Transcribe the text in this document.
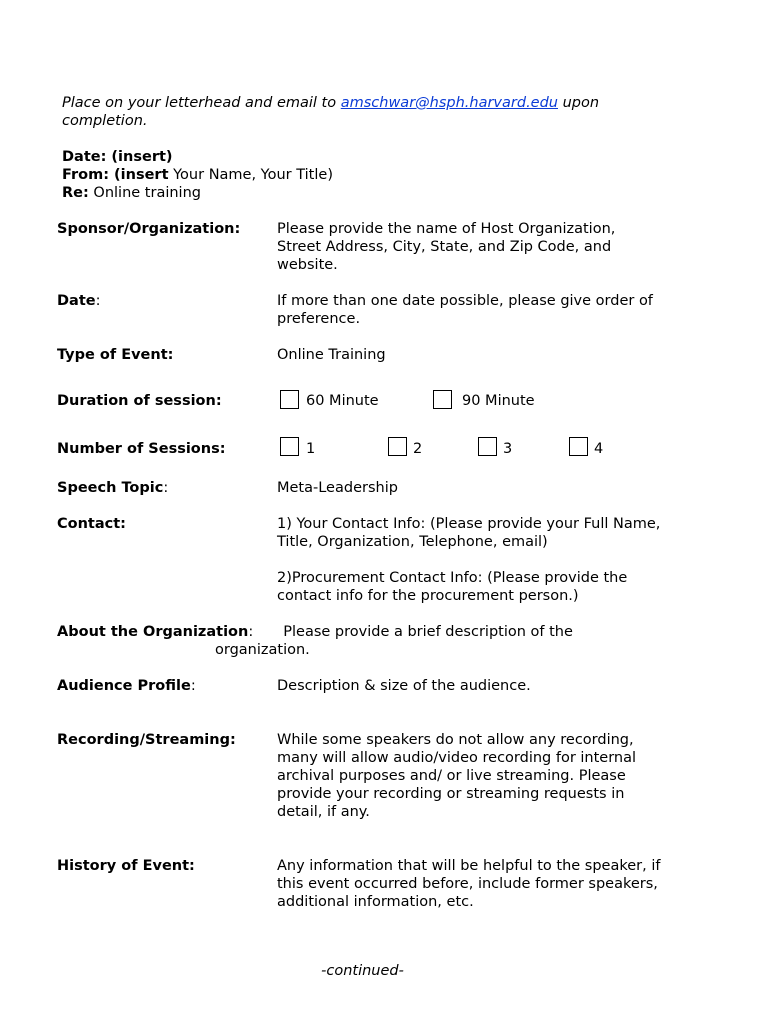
Place on your letterhead and email to amschwar@hsph.harvard.edu upon completion.
Date: (insert)
From: (insert Your Name, Your Title)
Re: Online training
Sponsor/Organization:	Please provide the name of Host Organization, Street Address, City, State, and Zip Code, and website.
Date:	If more than one date possible, please give order of preference.
Type of Event:	Online Training
Duration of session:	60 Minute	90 Minute
Number of Sessions:	1	2	3	4
Speech Topic:	Meta-Leadership
Contact:	1) Your Contact Info: (Please provide your Full Name, Title, Organization, Telephone, email)
2)Procurement Contact Info: (Please provide the contact info for the procurement person.)
About the Organization: Please provide a brief description of the
organization.
Audience Profile:	Description & size of the audience.
Recording/Streaming:	While some speakers do not allow any recording, many will allow audio/video recording for internal archival purposes and/ or live streaming. Please provide your recording or streaming requests in detail, if any.
History of Event:	Any information that will be helpful to the speaker, if this event occurred before, include former speakers, additional information, etc.
-continued-
